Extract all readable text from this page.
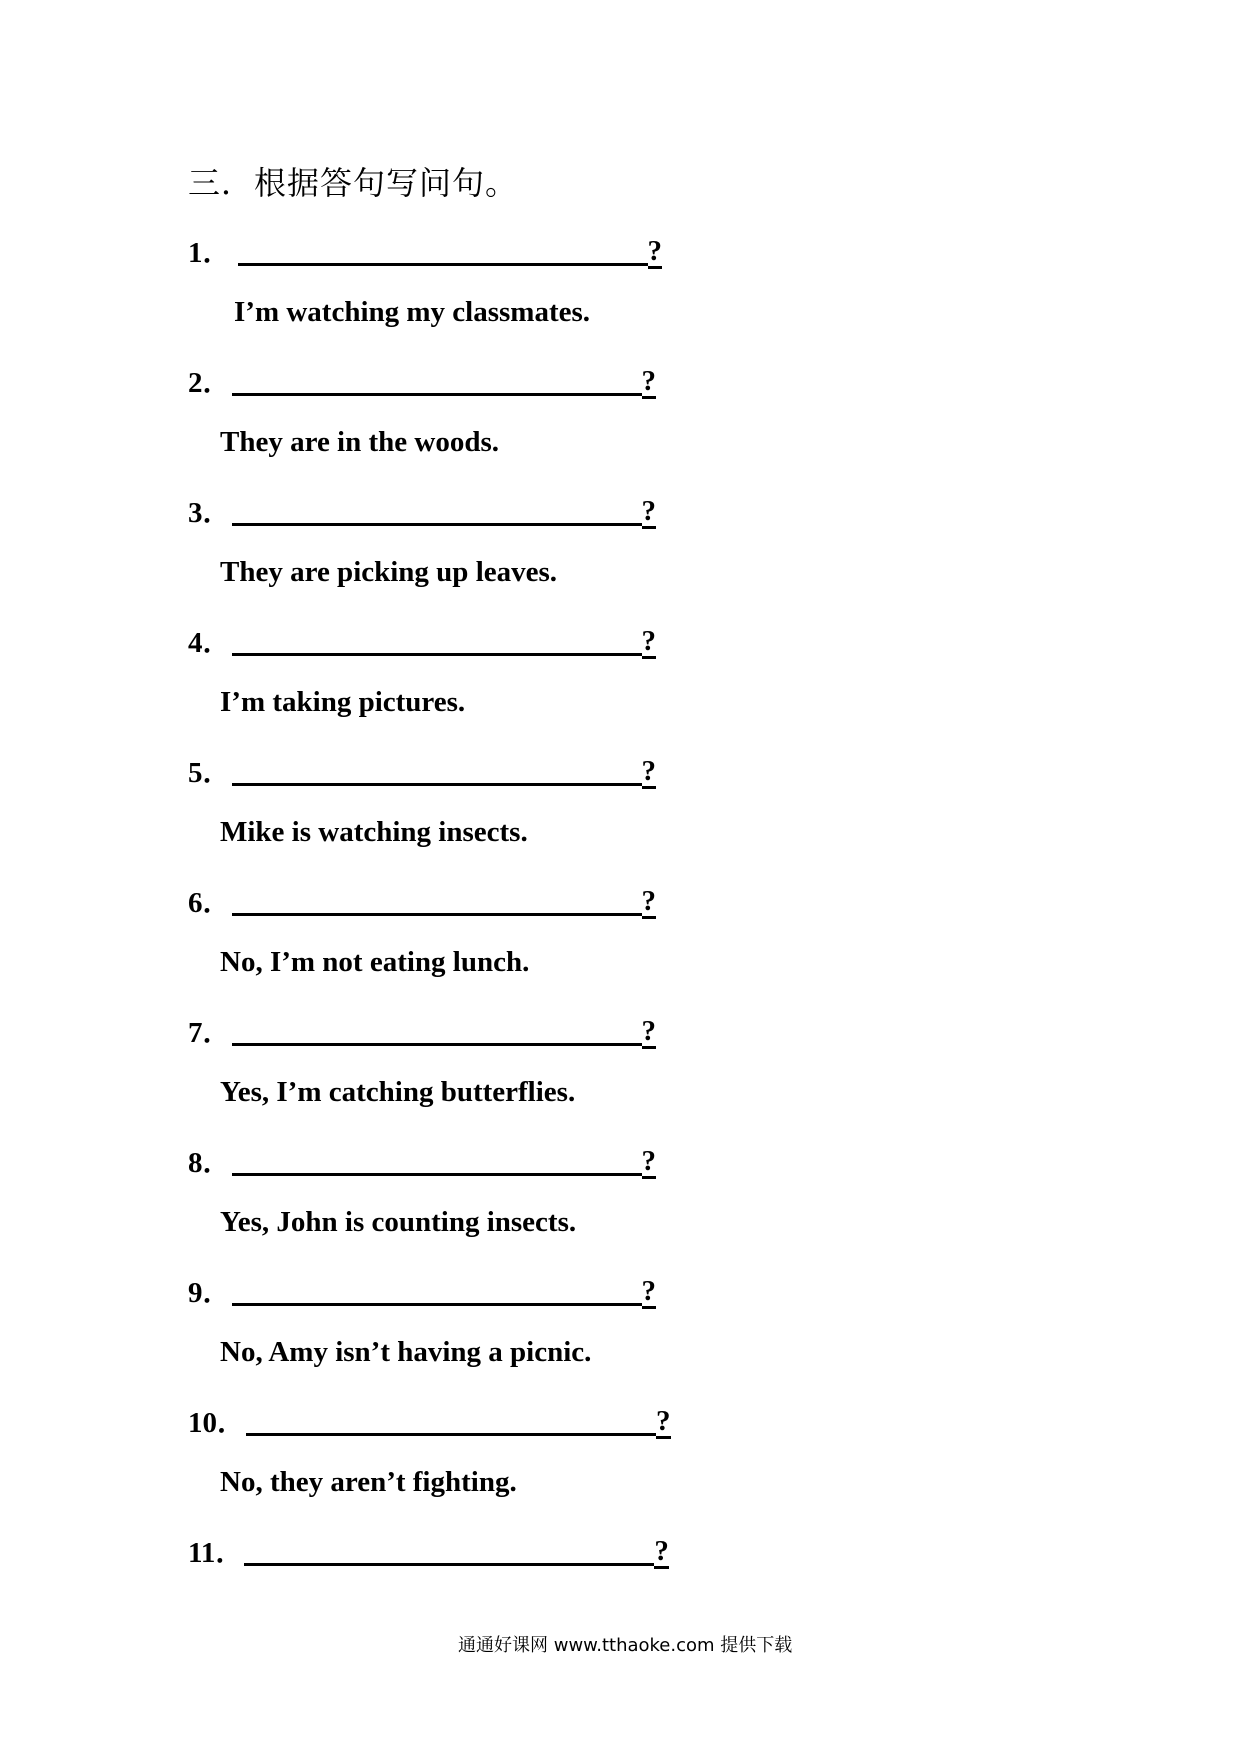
三．根据答句写问句。
1．	?
I’m watching my classmates.
2．	?
They are in the woods.
3．	?
They are picking up leaves.
4．	?
I’m taking pictures.
5．	?
Mike is watching insects.
6．	?
No, I’m not eating lunch.
7．	?
Yes, I’m catching butterflies.
8．	?
Yes, John is counting insects.
9．	?
No, Amy isn’t having a picnic.
10．	?
No, they aren’t fighting.
11．	?
通通好课网 www.tthaoke.com 提供下载
